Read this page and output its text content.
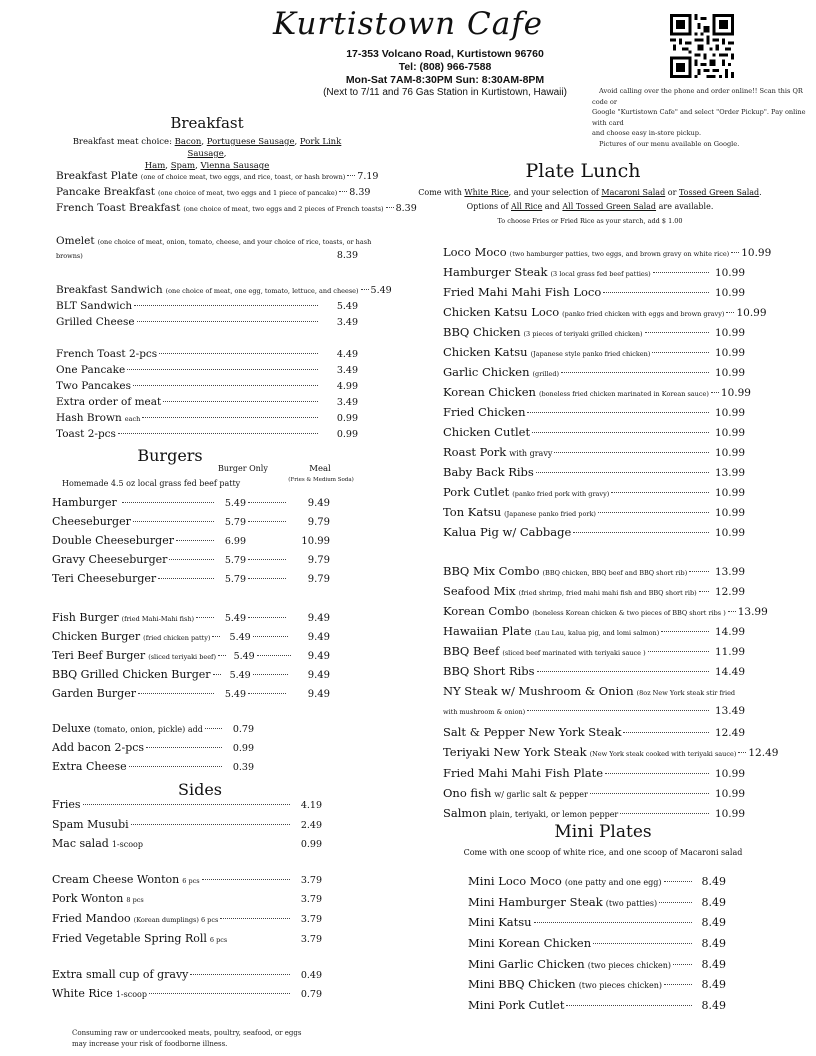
Kurtistown Cafe
17-353 Volcano Road, Kurtistown 96760
Tel: (808) 966-7588
Mon-Sat 7AM-8:30PM Sun: 8:30AM-8PM
(Next to 7/11 and 76 Gas Station in Kurtistown, Hawaii)	Avoid calling over the phone and order online!! Scan this QR code or

Google "Kurtistown Cafe" and select "Order Pickup". Pay online with card

and choose easy in-store pickup.

Pictures of our menu available on Google.

Breakfast
Breakfast meat choice: Bacon, Portuguese Sausage, Pork Link Sausage,
Ham, Spam, Vienna Sausage
Breakfast Plate (one of choice meat, two eggs, and rice, toast, or hash brown) 7.19
Pancake Breakfast (one choice of meat, two eggs and 1 piece of pancake) 8.39
French Toast Breakfast (one choice of meat, two eggs and 2 pieces of French toasts) 8.39
Omelet (one choice of meat, onion, tomato, cheese, and your choice of rice, toasts, or hash
browns)	8.39
Breakfast Sandwich (one choice of meat, one egg, tomato, lettuce, and cheese) 5.49
BLT Sandwich	5.49
Grilled Cheese	3.49
French Toast 2-pcs	4.49
One Pancake	3.49
Two Pancakes	4.99
Extra order of meat	3.49
Hash Brown each	0.99
Toast 2-pcs	0.99
Burgers
Burger Only	Meal
(Fries & Medium Soda)
Homemade 4.5 oz local grass fed beef patty
Hamburger	5.49	9.49
Cheeseburger	5.79	9.79
Double Cheeseburger	6.99	10.99
Gravy Cheeseburger	5.79	9.79
Teri Cheeseburger	5.79	9.79
Fish Burger (fried Mahi-Mahi fish)	5.49	9.49
Chicken Burger (fried chicken patty)	5.49	9.49
Teri Beef Burger (sliced teriyaki beef)	5.49	9.49
BBQ Grilled Chicken Burger	5.49	9.49
Garden Burger	5.49	9.49
Deluxe (tomato, onion, pickle) add	0.79
Add bacon 2-pcs	0.99
Extra Cheese	0.39
Sides
Fries	4.19
Spam Musubi	2.49
Mac salad 1-scoop	0.99
Cream Cheese Wonton 6 pcs	3.79
Pork Wonton 8 pcs	3.79
Fried Mandoo (Korean dumplings) 6 pcs	3.79
Fried Vegetable Spring Roll 6 pcs	3.79
Extra small cup of gravy	0.49
White Rice 1-scoop	0.79
Plate Lunch
Come with White Rice, and your selection of Macaroni Salad or Tossed Green Salad.
Options of All Rice and All Tossed Green Salad are available.
To choose Fries or Fried Rice as your starch, add $ 1.00
Loco Moco (two hamburger patties, two eggs, and brown gravy on white rice) 10.99
Hamburger Steak (3 local grass fed beef patties)	10.99
Fried Mahi Mahi Fish Loco	10.99
Chicken Katsu Loco (panko fried chicken with eggs and brown gravy) 10.99
BBQ Chicken (3 pieces of teriyaki grilled chicken)	10.99
Chicken Katsu (Japanese style panko fried chicken)	10.99
Garlic Chicken (grilled)	10.99
Korean Chicken (boneless fried chicken marinated in Korean sauce) 10.99
Fried Chicken	10.99
Chicken Cutlet	10.99
Roast Pork with gravy	10.99
Baby Back Ribs	13.99
Pork Cutlet (panko fried pork with gravy)	10.99
Ton Katsu (Japanese panko fried pork)	10.99
Kalua Pig w/ Cabbage	10.99
BBQ Mix Combo (BBQ chicken, BBQ beef and BBQ short rib)	13.99
Seafood Mix (fried shrimp, fried mahi mahi fish and BBQ short rib)	12.99
Korean Combo (boneless Korean chicken & two pieces of BBQ short ribs ) 13.99
Hawaiian Plate (Lau Lau, kalua pig, and lomi salmon)	14.99
BBQ Beef (sliced beef marinated with teriyaki sauce )	11.99
BBQ Short Ribs	14.49
NY Steak w/ Mushroom & Onion (8oz New York steak stir fried
with mushroom & onion)	13.49
Salt & Pepper New York Steak	12.49
Teriyaki New York Steak (New York steak cooked with teriyaki sauce) 12.49
Fried Mahi Mahi Fish Plate	10.99
Ono fish w/ garlic salt & pepper	10.99
Salmon plain, teriyaki, or lemon pepper	10.99
Mini Plates
Come with one scoop of white rice, and one scoop of Macaroni salad
Mini Loco Moco (one patty and one egg)	8.49
Mini Hamburger Steak (two patties)	8.49
Mini Katsu	8.49
Mini Korean Chicken	8.49
Mini Garlic Chicken (two pieces chicken)	8.49
Mini BBQ Chicken (two pieces chicken)	8.49
Mini Pork Cutlet	8.49
Consuming raw or undercooked meats, poultry, seafood, or eggs
may increase your risk of foodborne illness.
